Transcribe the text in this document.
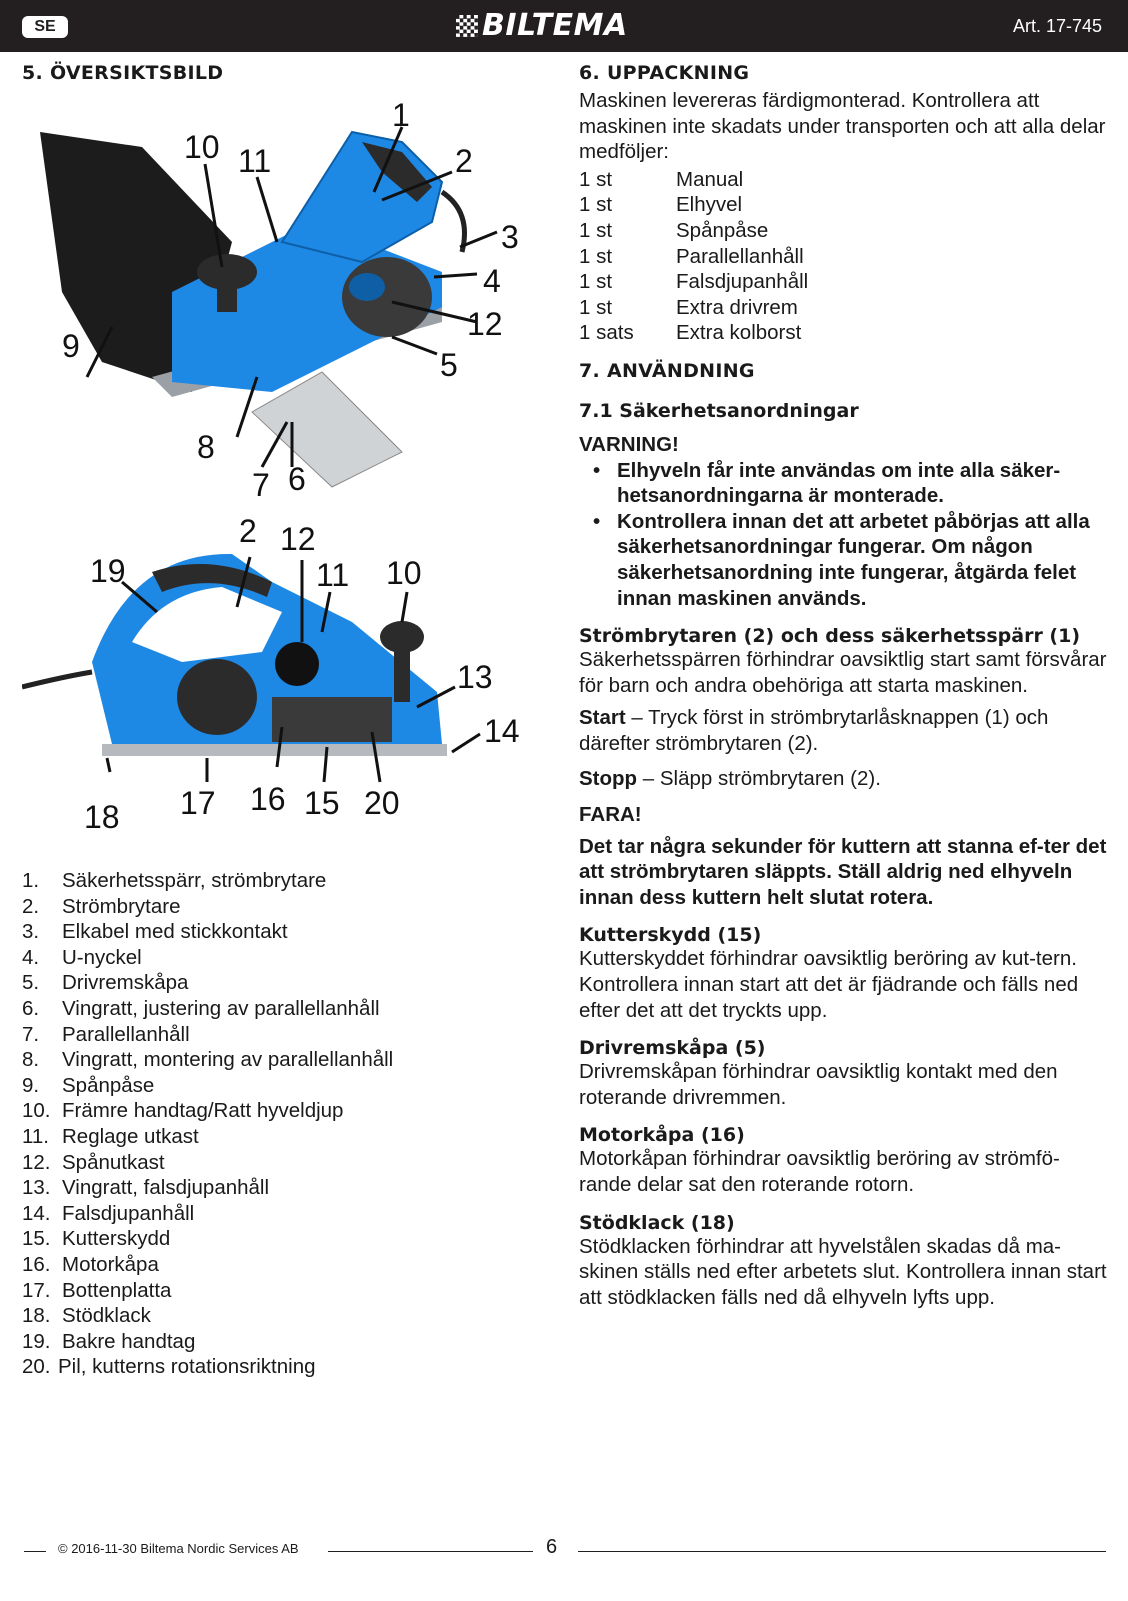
SE	BILTEMA	Art. 17-745
5. ÖVERSIKTSBILD
1
2
3
4
5
6
7
8
9
10 11
12
2 12
11 10
19
13
14
18 17 16 15 20
1.	Säkerhetsspärr, strömbrytare
2.	Strömbrytare
3.	Elkabel med stickkontakt
4.	U-nyckel
5.	Drivremskåpa
6.	Vingratt, justering av parallellanhåll
7.	Parallellanhåll
8.	Vingratt, montering av parallellanhåll
9.	Spånpåse
10. Främre handtag/Ratt hyveldjup
11. Reglage utkast
12. Spånutkast
13. Vingratt, falsdjupanhåll
14. Falsdjupanhåll
15. Kutterskydd
16. Motorkåpa
17. Bottenplatta
18. Stödklack
19. Bakre handtag
20. Pil, kutterns rotationsriktning
6. UPPACKNING

Maskinen levereras färdigmonterad. Kontrollera att maskinen inte skadats under transporten och att alla delar medföljer:

1 st	Manual
1 st	Elhyvel
1 st	Spånpåse
1 st	Parallellanhåll
1 st	Falsdjupanhåll
1 st	Extra drivrem
1 sats	Extra kolborst
7. ANVÄNDNING
7.1 Säkerhetsanordningar

VARNING!

• Elhyveln får inte användas om inte alla säker-hetsanordningarna är monterade.
• Kontrollera innan det att arbetet påbörjas att alla säkerhetsanordningar fungerar. Om någon säkerhetsanordning inte fungerar, åtgärda felet innan maskinen används.
Strömbrytaren (2) och dess säkerhetsspärr (1)

Säkerhetsspärren förhindrar oavsiktlig start samt försvårar för barn och andra obehöriga att starta maskinen.

Start – Tryck först in strömbrytarlåsknappen (1) och därefter strömbrytaren (2).

Stopp – Släpp strömbrytaren (2).

FARA!

Det tar några sekunder för kuttern att stanna ef-ter det att strömbrytaren släppts. Ställ aldrig ned elhyveln innan dess kuttern helt slutat rotera.

Kutterskydd (15)

Kutterskyddet förhindrar oavsiktlig beröring av kut-tern. Kontrollera innan start att det är fjädrande och fälls ned efter det att det tryckts upp.

Drivremskåpa (5)

Drivremskåpan förhindrar oavsiktlig kontakt med den roterande drivremmen.

Motorkåpa (16)

Motorkåpan förhindrar oavsiktlig beröring av strömfö-rande delar sat den roterande rotorn.

Stödklack (18)

Stödklacken förhindrar att hyvelstålen skadas då ma-skinen ställs ned efter arbetets slut. Kontrollera innan start att stödklacken fälls ned då elhyveln lyfts upp.

© 2016-11-30 Biltema Nordic Services AB	6
